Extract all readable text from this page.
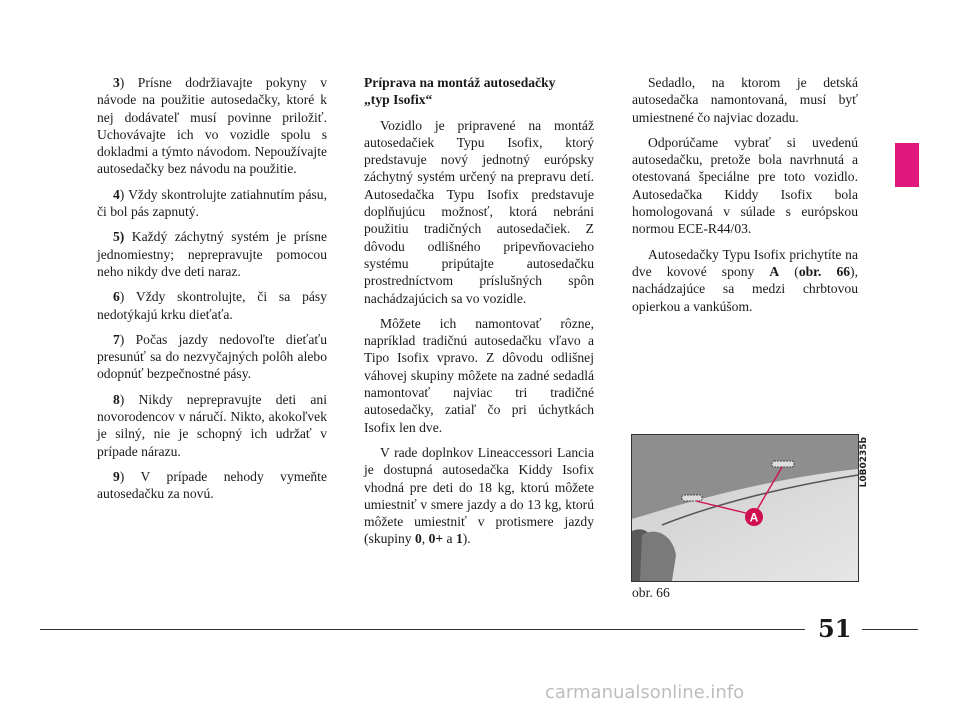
3) Prísne dodržiavajte pokyny v návode na použitie autosedačky, ktoré k nej dodávateľ musí povinne priložiť. Uchovávajte ich vo vozidle spolu s dokladmi a týmto návodom. Nepoužívajte autosedačky bez návodu na použitie.

4) Vždy skontrolujte zatiahnutím pásu, či bol pás zapnutý.

5) Každý záchytný systém je prísne jednomiestny; neprepravujte pomocou neho nikdy dve deti naraz.

6) Vždy skontrolujte, či sa pásy nedotýkajú krku dieťaťa.

7) Počas jazdy nedovoľte dieťaťu presunúť sa do nezvyčajných polôh alebo odopnúť bezpečnostné pásy.

8) Nikdy neprepravujte deti ani novorodencov v náručí. Nikto, akokoľvek je silný, nie je schopný ich udržať v prípade nárazu.

9) V prípade nehody vymeňte autosedačku za novú.

Príprava na montáž autosedačky
„typ Isofix“

Vozidlo je pripravené na montáž autosedačiek Typu Isofix, ktorý predstavuje nový jednotný európsky záchytný systém určený na prepravu detí. Autosedačka Typu Isofix predstavuje doplňujúcu možnosť, ktorá nebráni použitiu tradičných autosedačiek. Z dôvodu odlišného pripevňovacieho systému pripútajte autosedačku prostredníctvom príslušných spôn nachádzajúcich sa vo vozidle.

Môžete ich namontovať rôzne, napríklad tradičnú autosedačku vľavo a Tipo Isofix vpravo. Z dôvodu odlišnej váhovej skupiny môžete na zadné sedadlá namontovať najviac tri tradičné autosedačky, zatiaľ čo pri úchytkách Isofix len dve.

V rade doplnkov Lineaccessori Lancia je dostupná autosedačka Kiddy Isofix vhodná pre deti do 18 kg, ktorú môžete umiestniť v smere jazdy a do 13 kg, ktorú môžete umiestniť v protismere jazdy (skupiny 0, 0+ a 1).

Sedadlo, na ktorom je detská autosedačka namontovaná, musí byť umiestnené čo najviac dozadu.

Odporúčame vybrať si uvedenú autosedačku, pretože bola navrhnutá a otestovaná špeciálne pre toto vozidlo. Autosedačka Kiddy Isofix bola homologovaná v súlade s európskou normou ECE-R44/03.

Autosedačky Typu Isofix prichytíte na dve kovové spony A (obr. 66), nachádzajúce sa medzi chrbtovou opierkou a vankúšom.

A
L0B0235b
obr. 66
51
carmanualsonline.info
